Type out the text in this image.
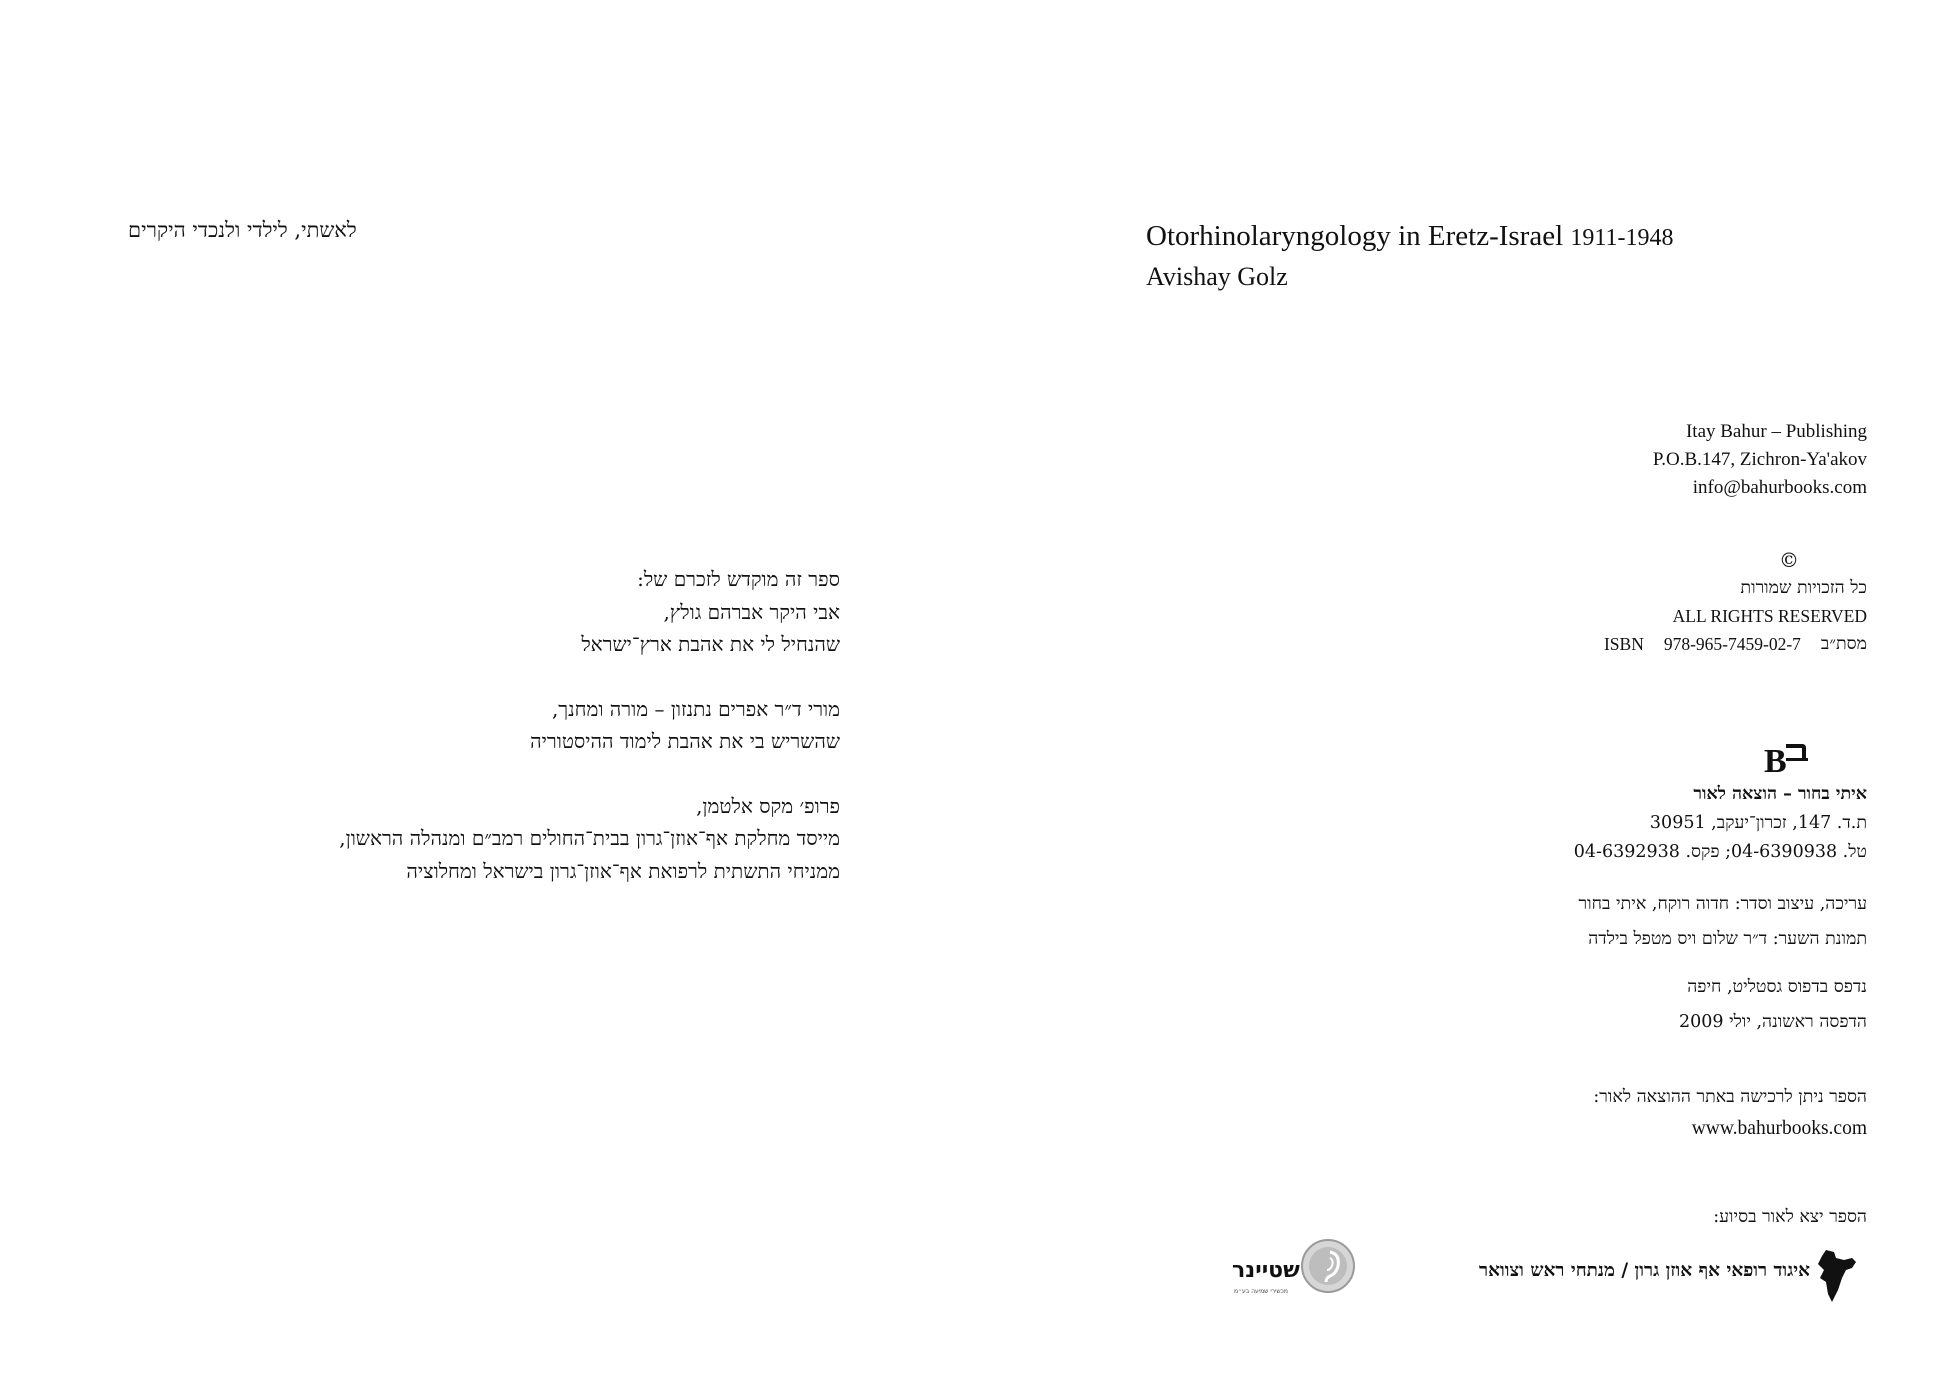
לאשתי, לילדי ולנכדי היקרים
ספר זה מוקדש לזכרם של:
אבי היקר אברהם גולץ,
שהנחיל לי את אהבת ארץ־ישראל
מורי ד״ר אפרים נתנזון – מורה ומחנך,
שהשריש בי את אהבת לימוד ההיסטוריה
פרופ׳ מקס אלטמן,
מייסד מחלקת אף־אוזן־גרון בבית־החולים רמב״ם ומנהלה הראשון,
ממניחי התשתית לרפואת אף־אוזן־גרון בישראל ומחלוציה
Otorhinolaryngology in Eretz-Israel 1911-1948
Avishay Golz
Itay Bahur – Publishing
P.O.B.147, Zichron-Ya'akov
info@bahurbooks.com
©
כל הזכויות שמורות
ALL RIGHTS RESERVED
ISBN 978-965-7459-02-7 מסת״ב
B
איתי בחור – הוצאה לאור
ת.ד. 147, זכרון־יעקב, 30951
טל. 04-6390938; פקס. 04-6392938
עריכה, עיצוב וסדר: חדוה רוקח, איתי בחור
תמונת השער: ד״ר שלום ויס מטפל בילדה
נדפס בדפוס גסטליט, חיפה
הדפסה ראשונה, יולי 2009
הספר ניתן לרכישה באתר ההוצאה לאור:
www.bahurbooks.com
הספר יצא לאור בסיוע:
איגוד רופאי אף אוזן גרון / מנתחי ראש וצוואר
שטיינר
מכשירי שמיעה בע״מ
